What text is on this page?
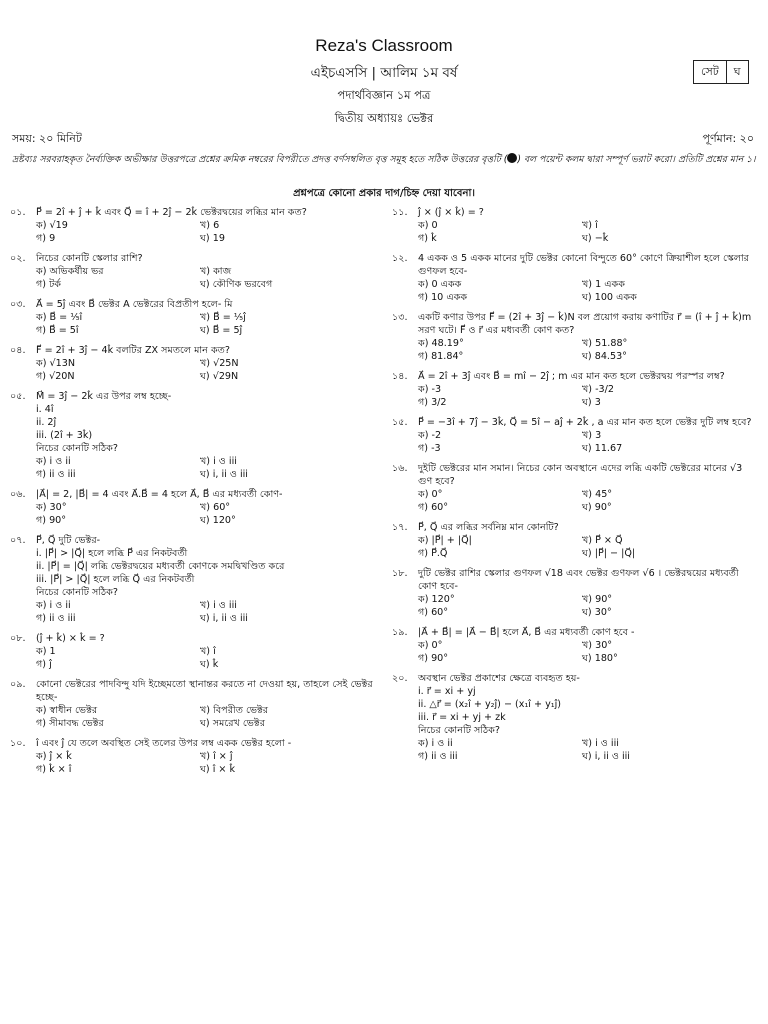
Reza's Classroom
এইচএসসি | আলিম ১ম বর্ষ
পদার্থবিজ্ঞান ১ম পত্র
দ্বিতীয় অধ্যায়ঃ ভেক্টর
সেট	ঘ
সময়: ২০ মিনিট	পূর্ণমান: ২০
দ্রষ্টব্যঃ সরবরাহকৃত নৈর্ব্যক্তিক অভীক্ষার উত্তরপত্রে প্রশ্নের ক্রমিক নম্বরের বিপরীতে প্রদত্ত বর্ণসম্বলিত বৃত্ত সমূহ হতে সঠিক উত্তরের বৃত্তটি ( ) বল পয়েন্ট কলম দ্বারা সম্পূর্ণ ভরাট করো। প্রতিটি প্রশ্নের মান ১।
প্রশ্নপত্রে কোনো প্রকার দাগ/চিহ্ন দেয়া যাবেনা।
০১.	P⃗ = 2î + ĵ + k̂ এবং Q⃗ = î + 2ĵ − 2k̂ ভেক্টরদ্বয়ের লব্ধির মান কত?
ক) √19	খ) 6
গ) 9	ঘ) 19
০২.	নিচের কোনটি স্কেলার রাশি?
ক) অভিকর্ষীয় ভর	খ) কাজ
গ) টর্ক	ঘ) কৌণিক ভরবেগ
০৩.	A⃗ = 5ĵ এবং B⃗ ভেক্টর A ভেক্টরের বিপ্রতীপ হলে- মি
ক) B⃗ = ⅕î	খ) B⃗ = ⅕ĵ
গ) B⃗ = 5î	ঘ) B⃗ = 5ĵ
০৪.	F⃗ = 2î + 3ĵ − 4k̂ বলটির ZX সমতলে মান কত?
ক) √13N	খ) √25N
গ) √20N	ঘ) √29N
০৫.	M⃗ = 3ĵ − 2k̂ এর উপর লম্ব হচ্ছে-
i. 4î
ii. 2ĵ
iii. (2î + 3k̂)
নিচের কোনটি সঠিক?
ক) i ও ii	খ) i ও iii
গ) ii ও iii	ঘ) i, ii ও iii
০৬.	|A⃗| = 2, |B⃗| = 4 এবং A⃗.B⃗ = 4 হলে A⃗, B⃗ এর মধ্যবর্তী কোণ-
ক) 30°	খ) 60°
গ) 90°	ঘ) 120°
০৭.	P⃗, Q⃗ দুটি ভেক্টর-
i. |P⃗| > |Q⃗| হলে লব্ধি P⃗ এর নিকটবর্তী
ii. |P⃗| = |Q⃗| লব্ধি ভেক্টরদ্বয়ের মধ্যবর্তী কোণকে সমদ্বিখণ্ডিত করে
iii. |P⃗| > |Q⃗| হলে লব্ধি Q⃗ এর নিকটবর্তী
নিচের কোনটি সঠিক?
ক) i ও ii	খ) i ও iii
গ) ii ও iii	ঘ) i, ii ও iii
০৮.	(ĵ + k̂) × k̂ = ?
ক) 1	খ) î
গ) ĵ	ঘ) k̂
০৯.	কোনো ভেক্টরের পাদবিন্দু যদি ইচ্ছেমতো স্থানান্তর করতে না দেওয়া হয়, তাহলে সেই ভেক্টর হচ্ছে-
ক) স্বাধীন ভেক্টর	খ) বিপরীত ভেক্টর
গ) সীমাবদ্ধ ভেক্টর	ঘ) সমরেখ ভেক্টর
১০.	î এবং ĵ যে তলে অবস্থিত সেই তলের উপর লম্ব একক ভেক্টর হলো -
ক) ĵ × k̂	খ) î × ĵ
গ) k̂ × î	ঘ) î × k̂
১১.	ĵ × (ĵ × k̂) = ?
ক) 0	খ) î
গ) k̂	ঘ) −k̂
১২.	4 একক ও 5 একক মানের দুটি ভেক্টর কোনো বিন্দুতে 60° কোণে ক্রিয়াশীল হলে স্কেলার গুণফল হবে-
ক) 0 একক	খ) 1 একক
গ) 10 একক	ঘ) 100 একক
১৩.	একটি কণার উপর F⃗ = (2î + 3ĵ − k̂)N বল প্রয়োগ করায় কণাটির r⃗ = (î + ĵ + k̂)m সরণ ঘটে। F⃗ ও r⃗ এর মধ্যবর্তী কোণ কত?
ক) 48.19°	খ) 51.88°
গ) 81.84°	ঘ) 84.53°
১৪.	A⃗ = 2î + 3ĵ এবং B⃗ = mî − 2ĵ ; m এর মান কত হলে ভেক্টরদ্বয় পরস্পর লম্ব?
ক) -3	খ) -3/2
গ) 3/2	ঘ) 3
১৫.	P⃗ = −3î + 7ĵ − 3k̂, Q⃗ = 5î − aĵ + 2k̂ , a এর মান কত হলে ভেক্টর দুটি লম্ব হবে?
ক) -2	খ) 3
গ) -3	ঘ) 11.67
১৬.	দুইটি ভেক্টরের মান সমান। নিচের কোন অবস্থানে এদের লব্ধি একটি ভেক্টরের মানের √3 গুণ হবে?
ক) 0°	খ) 45°
গ) 60°	ঘ) 90°
১৭.	P⃗, Q⃗ এর লব্ধির সর্বনিম্ন মান কোনটি?
ক) |P⃗| + |Q⃗|	খ) P⃗ × Q⃗
গ) P⃗.Q⃗	ঘ) |P⃗| − |Q⃗|
১৮.	দুটি ভেক্টর রাশির স্কেলার গুণফল √18 এবং ভেক্টর গুণফল √6 । ভেক্টরদ্বয়ের মধ্যবর্তী কোণ হবে-
ক) 120°	খ) 90°
গ) 60°	ঘ) 30°
১৯.	|A⃗ + B⃗| = |A⃗ − B⃗| হলে A⃗, B⃗ এর মধ্যবর্তী কোণ হবে -
ক) 0°	খ) 30°
গ) 90°	ঘ) 180°
২০.	অবস্থান ভেক্টর প্রকাশের ক্ষেত্রে ব্যবহৃত হয়-
i. r⃗ = xi + yj
ii. △r⃗ = (x₂î + y₂ĵ) − (x₁î + y₁ĵ)
iii. r⃗ = xi + yj + zk
নিচের কোনটি সঠিক?
ক) i ও ii	খ) i ও iii
গ) ii ও iii	ঘ) i, ii ও iii
